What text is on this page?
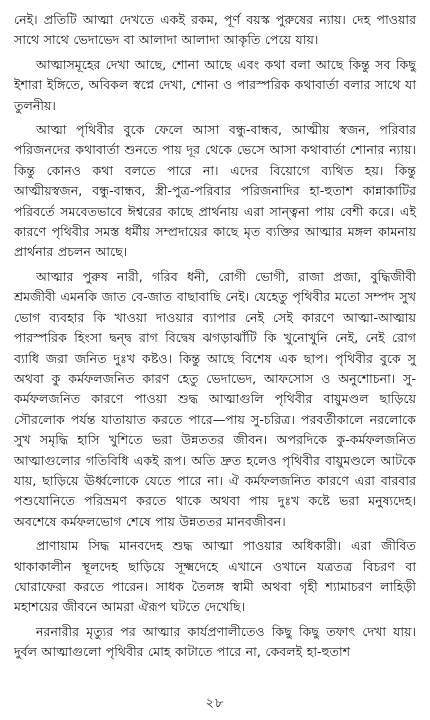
নেই। প্রতিটি আত্মা দেখতে একই রকম, পূর্ণ বয়স্ক পুরুষের ন্যায়। দেহ পাওয়ার সাথে সাথে ভেদাভেদ বা আলাদা আলাদা আকৃতি পেয়ে যায়।

আত্মাসমূহের দেখা আছে, শোনা আছে এবং কথা বলা আছে কিন্তু সব কিছু ইশারা ইঙ্গিতে, অবিকল স্বপ্নে দেখা, শোনা ও পারস্পরিক কথাবার্তা বলার সাথে যা তুলনীয়।

আত্মা পৃথিবীর বুকে ফেলে আসা বন্ধু-বান্ধব, আত্মীয় স্বজন, পরিবার পরিজনদের কথাবার্তা শুনতে পায় দূর থেকে ভেসে আসা কথাবার্তা শোনার ন্যায়। কিন্তু কোনও কথা বলতে পারে না। এদের বিয়োগে ব্যথিত হয়। কিন্তু আত্মীয়স্বজন, বন্ধু-বান্ধব, স্ত্রী-পুত্র-পরিবার পরিজনাদির হা-হুতাশ কান্নাকাটির পরিবর্তে সমবেতভাবে ঈশ্বরের কাছে প্রার্থনায় এরা সান্ত্বনা পায় বেশী করে। এই কারণে পৃথিবীর সমস্ত ধর্মীয় সম্প্রদায়ের কাছে মৃত ব্যক্তির আত্মার মঙ্গল কামনায় প্রার্থনার প্রচলন আছে।

আত্মার পুরুষ নারী, গরিব ধনী, রোগী ভোগী, রাজা প্রজা, বুদ্ধিজীবী শ্রমজীবী এমনকি জাত বে-জাত বাছাবাছি নেই। যেহেতু পৃথিবীর মতো সম্পদ সুখ ভোগ ব্যবহার কি খাওয়া দাওয়ার ব্যাপার নেই সেই কারণে আত্মা-আত্মায় পারস্পরিক হিংসা দ্বন্দ্ব রাগ বিদ্বেষ ঝগড়াঝাঁটি কি খুনোখুনি নেই, নেই রোগ ব্যাধি জরা জনিত দুঃখ কষ্টও। কিন্তু আছে বিশেষ এক ছাপ। পৃথিবীর বুকে সু অথবা কু কর্মফলজনিত কারণ হেতু ভেদাভেদ, আফসোস ও অনুশোচনা। সু-কর্মফলজনিত কারণে পাওয়া শুদ্ধ আত্মাগুলি পৃথিবীর বায়ুমণ্ডল ছাড়িয়ে সৌরলোক পর্যন্ত যাতায়াত করতে পারে—পায় সু-চরিত্র। পরবর্তীকালে নরলোকে সুখ সমৃদ্ধি হাসি খুশিতে ভরা উন্নততর জীবন। অপরদিকে কু-কর্মফলজনিত আত্মাগুলোর গতিবিধি একই রূপ। অতি দ্রুত হলেও পৃথিবীর বায়ুমণ্ডলে আটকে যায়, ছাড়িয়ে ঊর্ধ্বলোকে যেতে পারে না। ঐ কর্মফলজনিত কারণে এরা বারবার পশুযোনিতে পরিভ্রমণ করতে থাকে অথবা পায় দুঃখ কষ্টে ভরা মনুষ্যদেহ। অবশেষে কর্মফলভোগ শেষে পায় উন্নততর মানবজীবন।

প্রাণায়াম সিদ্ধ মানবদেহ শুদ্ধ আত্মা পাওয়ার অধিকারী। এরা জীবিত থাকাকালীন স্থূলদেহ ছাড়িয়ে সূক্ষ্মদেহে এখানে ওখানে যত্রতত্র বিচরণ বা ঘোরাফেরা করতে পারেন। সাধক তৈলঙ্গ স্বামী অথবা গৃহী শ্যামাচরণ লাহিড়ী মহাশয়ের জীবনে আমরা ঐরূপ ঘটতে দেখেছি।

নরনারীর মৃত্যুর পর আত্মার কার্যপ্রণালীতেও কিছু কিছু তফাৎ দেখা যায়। দুর্বল আত্মাগুলো পৃথিবীর মোহ কাটাতে পারে না, কেবলই হা-হুতাশ

২৮
